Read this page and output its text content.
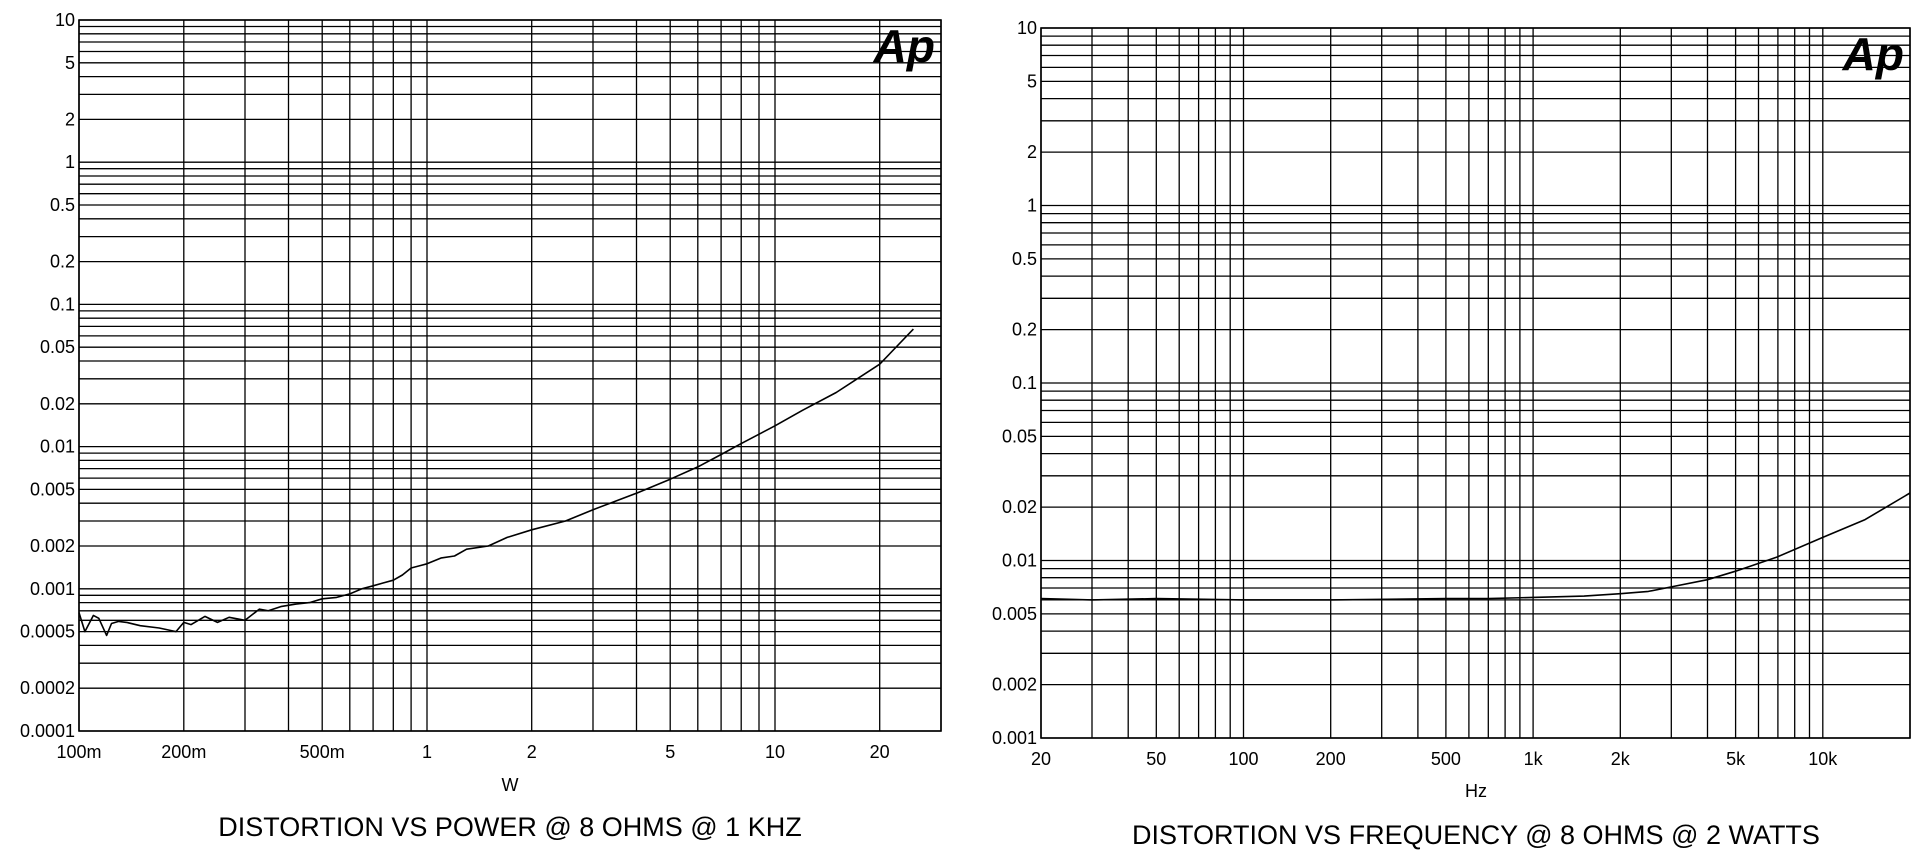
0.0001
0.0002
0.0005
0.001
0.002
0.005
0.01
0.02
0.05
0.1
0.2
0.5
1
2
5
10
100m	200m	500m	1	2	5	10	20
W
DISTORTION VS POWER @ 8 OHMS @ 1 KHZ
Ap
0.001
0.002
0.005
0.01
0.02
0.05
0.1
0.2
0.5
1
2
5
10
20	50	100	200	500	1k	2k	5k	10k
Hz
DISTORTION VS FREQUENCY @ 8 OHMS @ 2 WATTS
Ap
